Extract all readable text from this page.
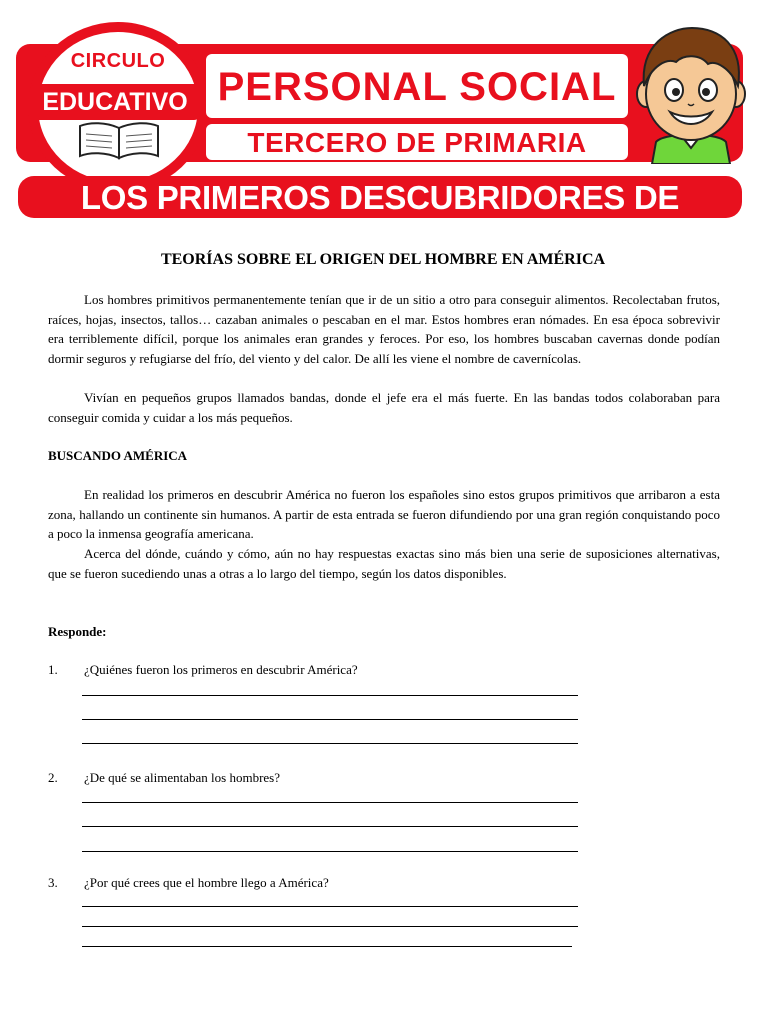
CIRCULO
EDUCATIVO PERSONAL SOCIAL
TERCERO DE PRIMARIA
LOS PRIMEROS DESCUBRIDORES DE AMERICA
TEORÍAS SOBRE EL ORIGEN DEL HOMBRE EN AMÉRICA

Los hombres primitivos permanentemente tenían que ir de un sitio a otro para conseguir alimentos. Recolectaban frutos, raíces, hojas, insectos, tallos… cazaban animales o pescaban en el mar. Estos hombres eran nómades. En esa época sobrevivir era terriblemente difícil, porque los animales eran grandes y feroces. Por eso, los hombres buscaban cavernas donde podían dormir seguros y refugiarse del frío, del viento y del calor. De allí les viene el nombre de cavernícolas.

Vivían en pequeños grupos llamados bandas, donde el jefe era el más fuerte. En las bandas todos colaboraban para conseguir comida y cuidar a los más pequeños.

BUSCANDO AMÉRICA

En realidad los primeros en descubrir América no fueron los españoles sino estos grupos primitivos que arribaron a esta zona, hallando un continente sin humanos. A partir de esta entrada se fueron difundiendo por una gran región conquistando poco a poco la inmensa geografía americana.

Acerca del dónde, cuándo y cómo, aún no hay respuestas exactas sino más bien una serie de suposiciones alternativas, que se fueron sucediendo unas a otras a lo largo del tiempo, según los datos disponibles.

Responde:
1. ¿Quiénes fueron los primeros en descubrir América?
2. ¿De qué se alimentaban los hombres?
3. ¿Por qué crees que el hombre llego a América?
